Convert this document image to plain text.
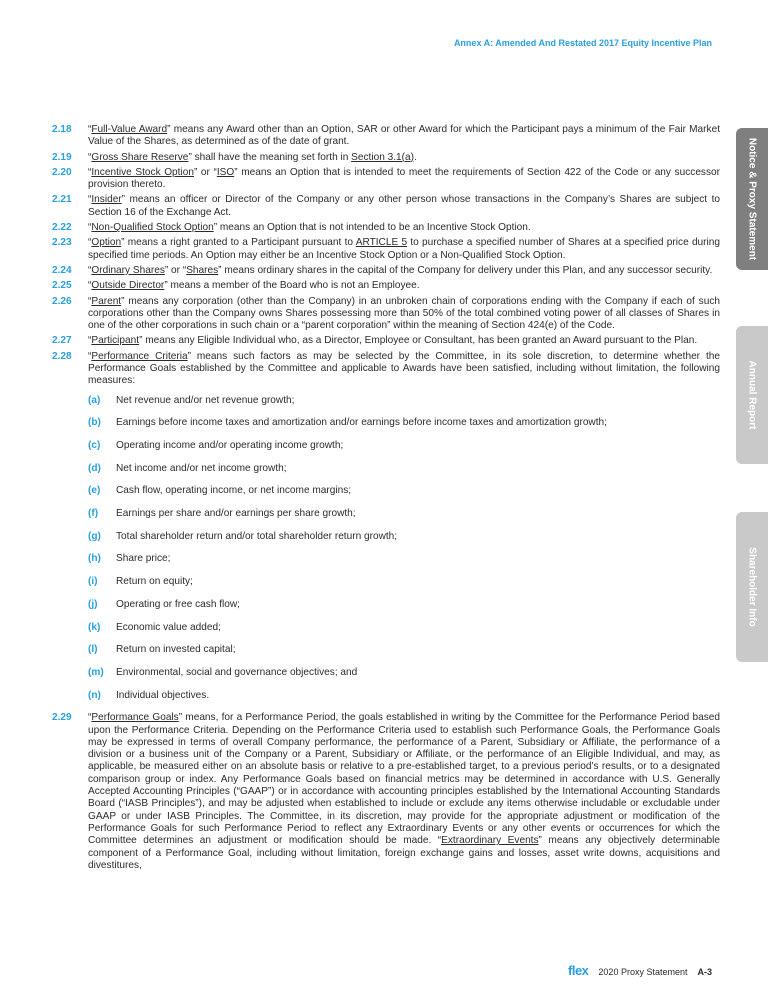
Annex A: Amended And Restated 2017 Equity Incentive Plan
Notice & Proxy Statement
Annual Report
Shareholder Info
2.18	“Full-Value Award” means any Award other than an Option, SAR or other Award for which the Participant pays a minimum of the Fair Market Value of the Shares, as determined as of the date of grant.
2.19	“Gross Share Reserve” shall have the meaning set forth in Section 3.1(a).
2.20	“Incentive Stock Option” or “ISO” means an Option that is intended to meet the requirements of Section 422 of the Code or any successor provision thereto.
2.21	“Insider” means an officer or Director of the Company or any other person whose transactions in the Company’s Shares are subject to Section 16 of the Exchange Act.
2.22	“Non-Qualified Stock Option” means an Option that is not intended to be an Incentive Stock Option.
2.23	“Option” means a right granted to a Participant pursuant to ARTICLE 5 to purchase a specified number of Shares at a specified price during specified time periods. An Option may either be an Incentive Stock Option or a Non-Qualified Stock Option.
2.24	“Ordinary Shares” or “Shares” means ordinary shares in the capital of the Company for delivery under this Plan, and any successor security.
2.25	“Outside Director” means a member of the Board who is not an Employee.
2.26	“Parent” means any corporation (other than the Company) in an unbroken chain of corporations ending with the Company if each of such corporations other than the Company owns Shares possessing more than 50% of the total combined voting power of all classes of Shares in one of the other corporations in such chain or a “parent corporation” within the meaning of Section 424(e) of the Code.
2.27	“Participant” means any Eligible Individual who, as a Director, Employee or Consultant, has been granted an Award pursuant to the Plan.
2.28	“Performance Criteria” means such factors as may be selected by the Committee, in its sole discretion, to determine whether the Performance Goals established by the Committee and applicable to Awards have been satisfied, including without limitation, the following measures:
(a)	Net revenue and/or net revenue growth;
(b)	Earnings before income taxes and amortization and/or earnings before income taxes and amortization growth;
(c)	Operating income and/or operating income growth;
(d)	Net income and/or net income growth;
(e)	Cash flow, operating income, or net income margins;
(f)	Earnings per share and/or earnings per share growth;
(g)	Total shareholder return and/or total shareholder return growth;
(h)	Share price;
(i)	Return on equity;
(j)	Operating or free cash flow;
(k)	Economic value added;
(l)	Return on invested capital;
(m)	Environmental, social and governance objectives; and
(n)	Individual objectives.
2.29	“Performance Goals” means, for a Performance Period, the goals established in writing by the Committee for the Performance Period based upon the Performance Criteria. Depending on the Performance Criteria used to establish such Performance Goals, the Performance Goals may be expressed in terms of overall Company performance, the performance of a Parent, Subsidiary or Affiliate, the performance of a division or a business unit of the Company or a Parent, Subsidiary or Affiliate, or the performance of an Eligible Individual, and may, as applicable, be measured either on an absolute basis or relative to a pre-established target, to a previous period’s results, or to a designated comparison group or index. Any Performance Goals based on financial metrics may be determined in accordance with U.S. Generally Accepted Accounting Principles (“GAAP”) or in accordance with accounting principles established by the International Accounting Standards Board (“IASB Principles”), and may be adjusted when established to include or exclude any items otherwise includable or excludable under GAAP or under IASB Principles. The Committee, in its discretion, may provide for the appropriate adjustment or modification of the Performance Goals for such Performance Period to reflect any Extraordinary Events or any other events or occurrences for which the Committee determines an adjustment or modification should be made. “Extraordinary Events” means any objectively determinable component of a Performance Goal, including without limitation, foreign exchange gains and losses, asset write downs, acquisitions and divestitures,
flex 2020 Proxy Statement A-3
